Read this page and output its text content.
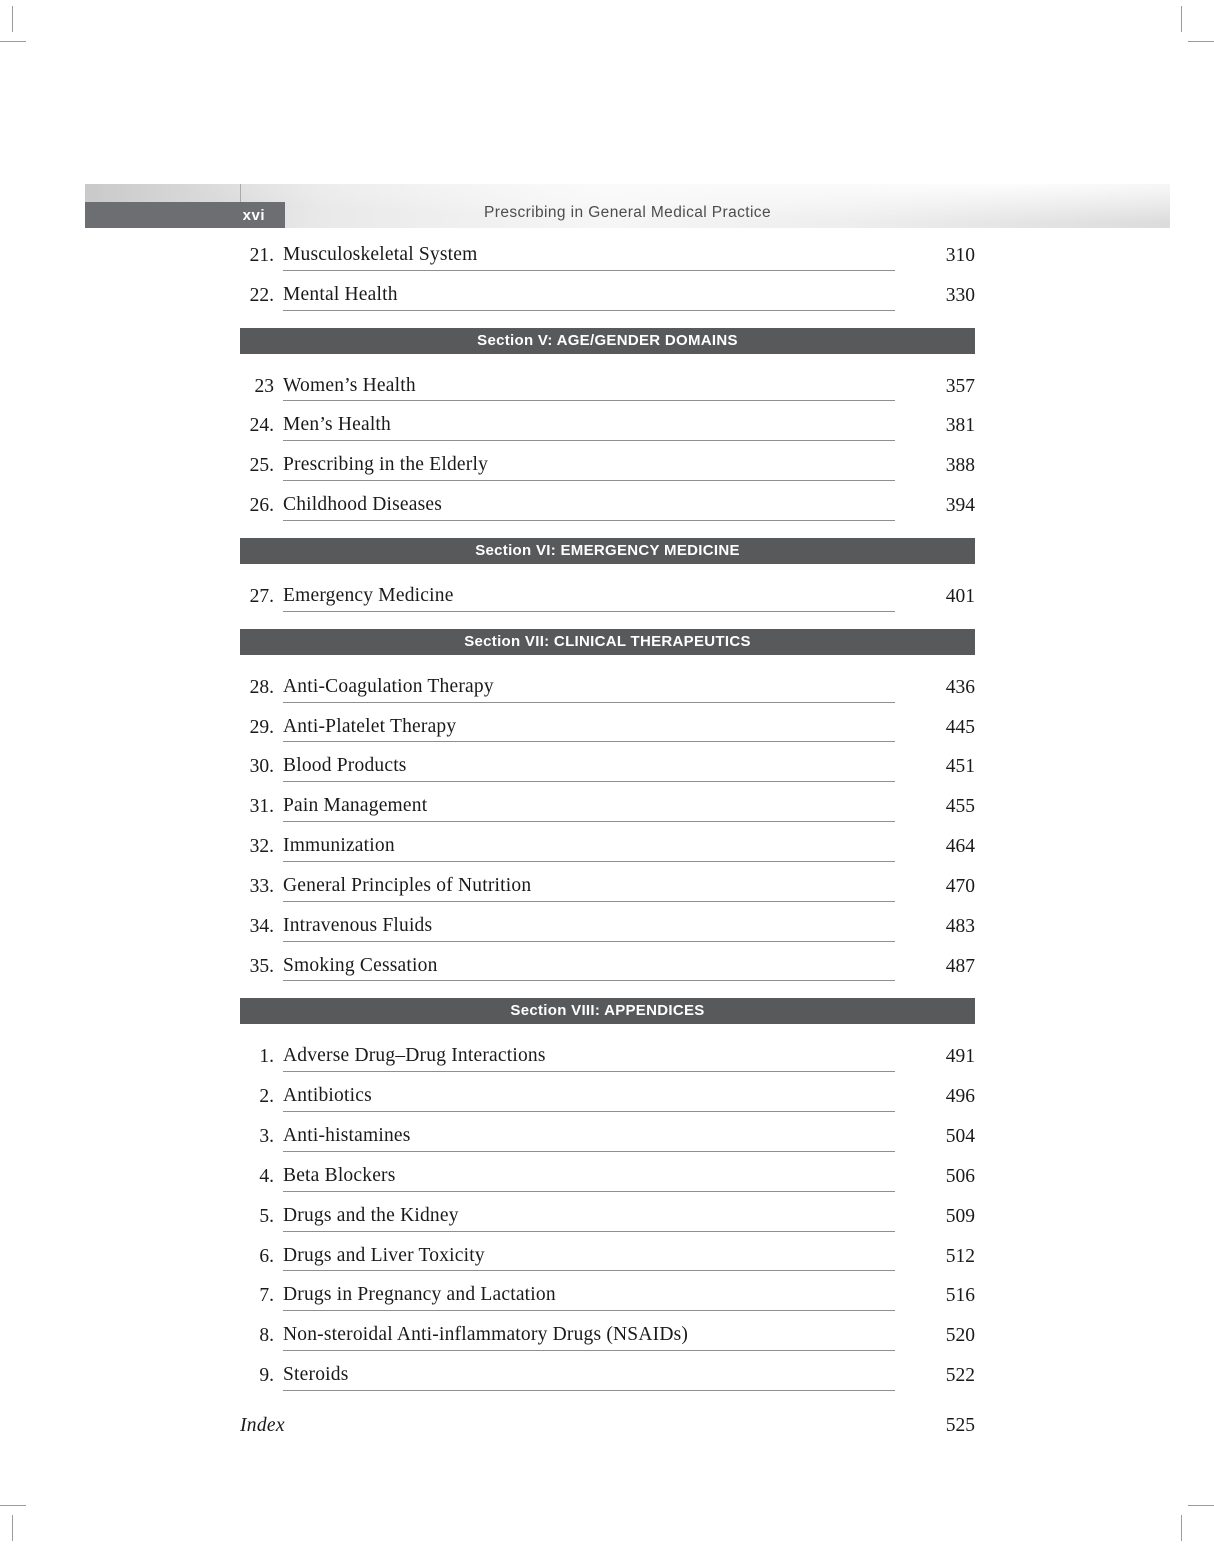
Prescribing in General Medical Practice
xvi
21. Musculoskeletal System	310
22. Mental Health	330
Section V: AGE/GENDER DOMAINS
23 Women’s Health	357
24. Men’s Health	381
25. Prescribing in the Elderly	388
26. Childhood Diseases	394
Section VI: EMERGENCY MEDICINE
27. Emergency Medicine	401
Section VII: CLINICAL THERAPEUTICS
28. Anti-Coagulation Therapy	436
29. Anti-Platelet Therapy	445
30. Blood Products	451
31. Pain Management	455
32. Immunization	464
33. General Principles of Nutrition	470
34. Intravenous Fluids	483
35. Smoking Cessation	487
Section VIII: APPENDICES
1. Adverse Drug–Drug Interactions	491
2. Antibiotics	496
3. Anti-histamines	504
4. Beta Blockers	506
5. Drugs and the Kidney	509
6. Drugs and Liver Toxicity	512
7. Drugs in Pregnancy and Lactation	516
8. Non-steroidal Anti-inflammatory Drugs (NSAIDs)	520
9. Steroids	522
Index	525
